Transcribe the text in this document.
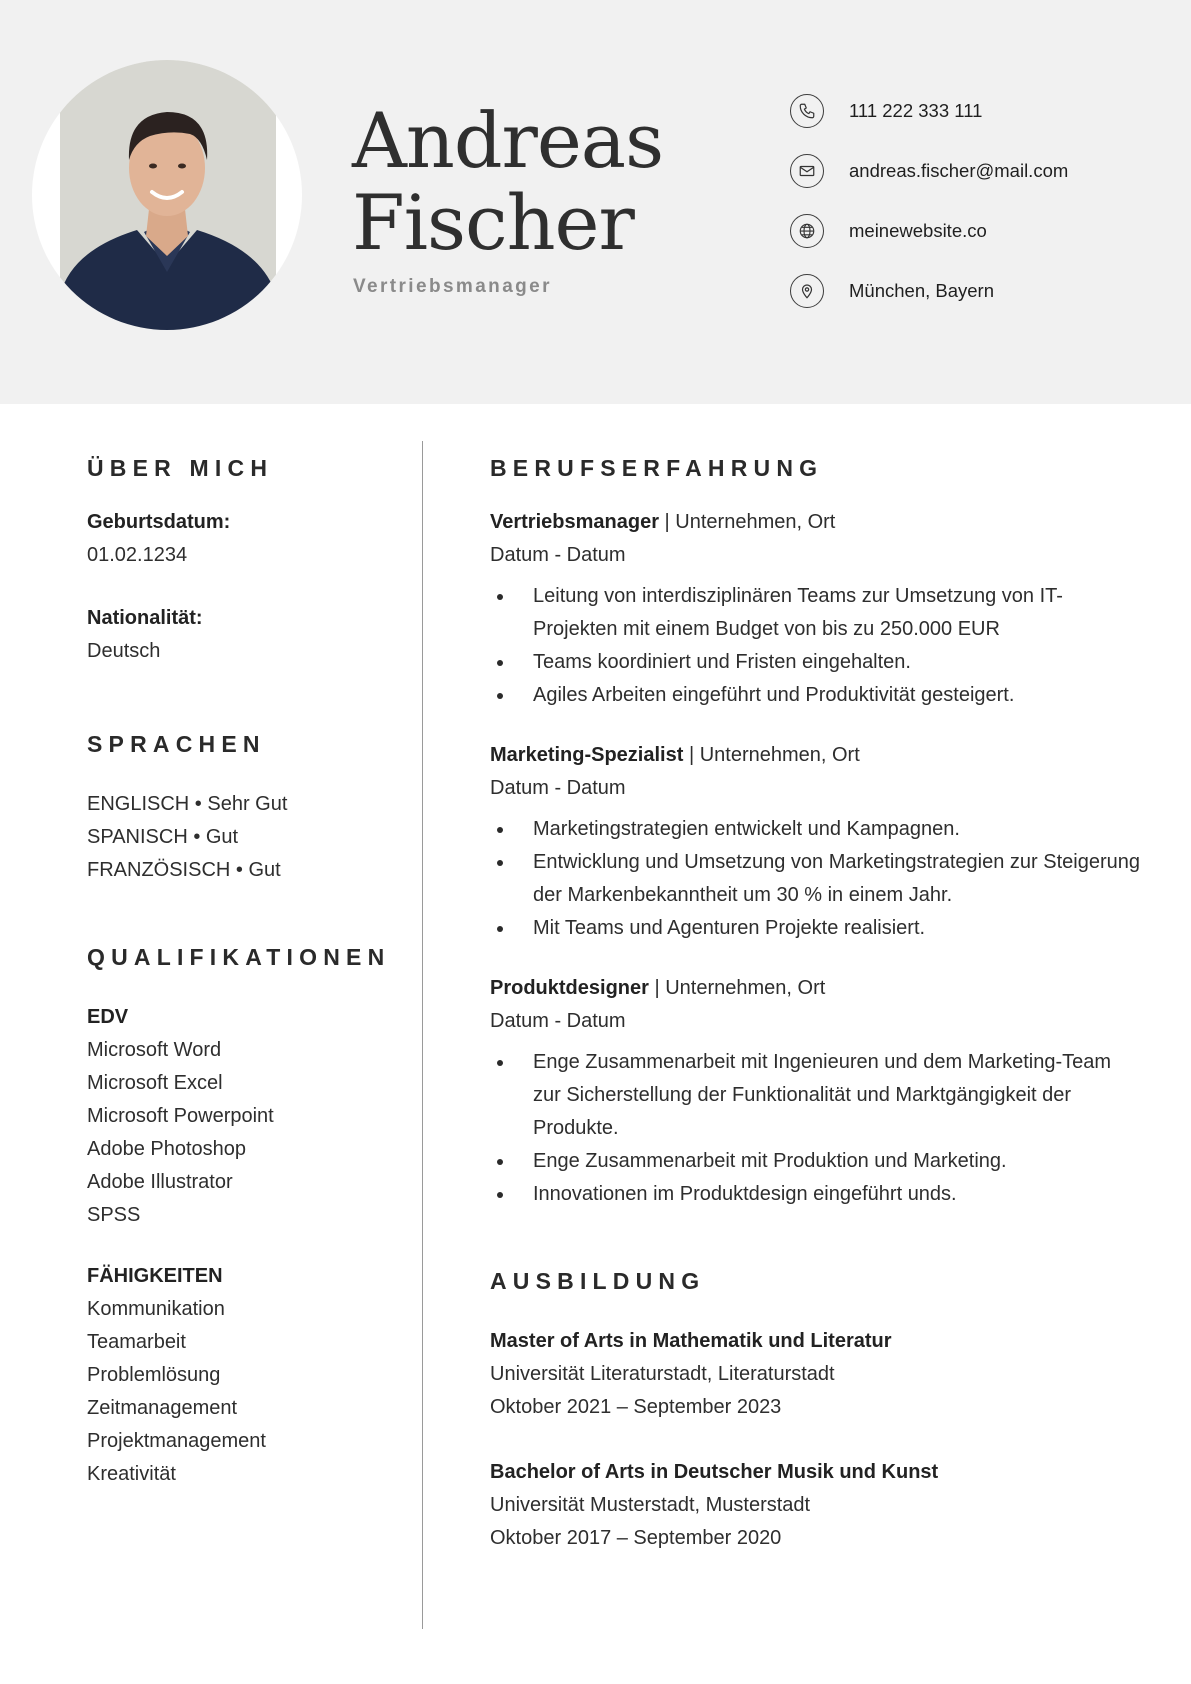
Andreas
Fischer
Vertriebsmanager
111 222 333 111
andreas.fischer@mail.com
meinewebsite.co
München, Bayern
ÜBER MICH
Geburtsdatum:
01.02.1234
Nationalität:
Deutsch
SPRACHEN
ENGLISCH • Sehr Gut
SPANISCH • Gut
FRANZÖSISCH • Gut
QUALIFIKATIONEN
EDV
Microsoft Word
Microsoft Excel
Microsoft Powerpoint
Adobe Photoshop
Adobe Illustrator
SPSS
FÄHIGKEITEN
Kommunikation
Teamarbeit
Problemlösung
Zeitmanagement
Projektmanagement
Kreativität
BERUFSERFAHRUNG
Vertriebsmanager | Unternehmen, Ort
Datum - Datum
Leitung von interdisziplinären Teams zur Umsetzung von IT-Projekten mit einem Budget von bis zu 250.000 EUR
Teams koordiniert und Fristen eingehalten.
Agiles Arbeiten eingeführt und Produktivität gesteigert.
Marketing-Spezialist | Unternehmen, Ort
Datum - Datum
Marketingstrategien entwickelt und Kampagnen.
Entwicklung und Umsetzung von Marketingstrategien zur Steigerung der Markenbekanntheit um 30 % in einem Jahr.
Mit Teams und Agenturen Projekte realisiert.
Produktdesigner | Unternehmen, Ort
Datum - Datum
Enge Zusammenarbeit mit Ingenieuren und dem Marketing-Team zur Sicherstellung der Funktionalität und Marktgängigkeit der Produkte.
Enge Zusammenarbeit mit Produktion und Marketing.
Innovationen im Produktdesign eingeführt unds.
AUSBILDUNG
Master of Arts in Mathematik und Literatur
Universität Literaturstadt, Literaturstadt
Oktober 2021 – September 2023
Bachelor of Arts in Deutscher Musik und Kunst
Universität Musterstadt, Musterstadt
Oktober 2017 – September 2020
